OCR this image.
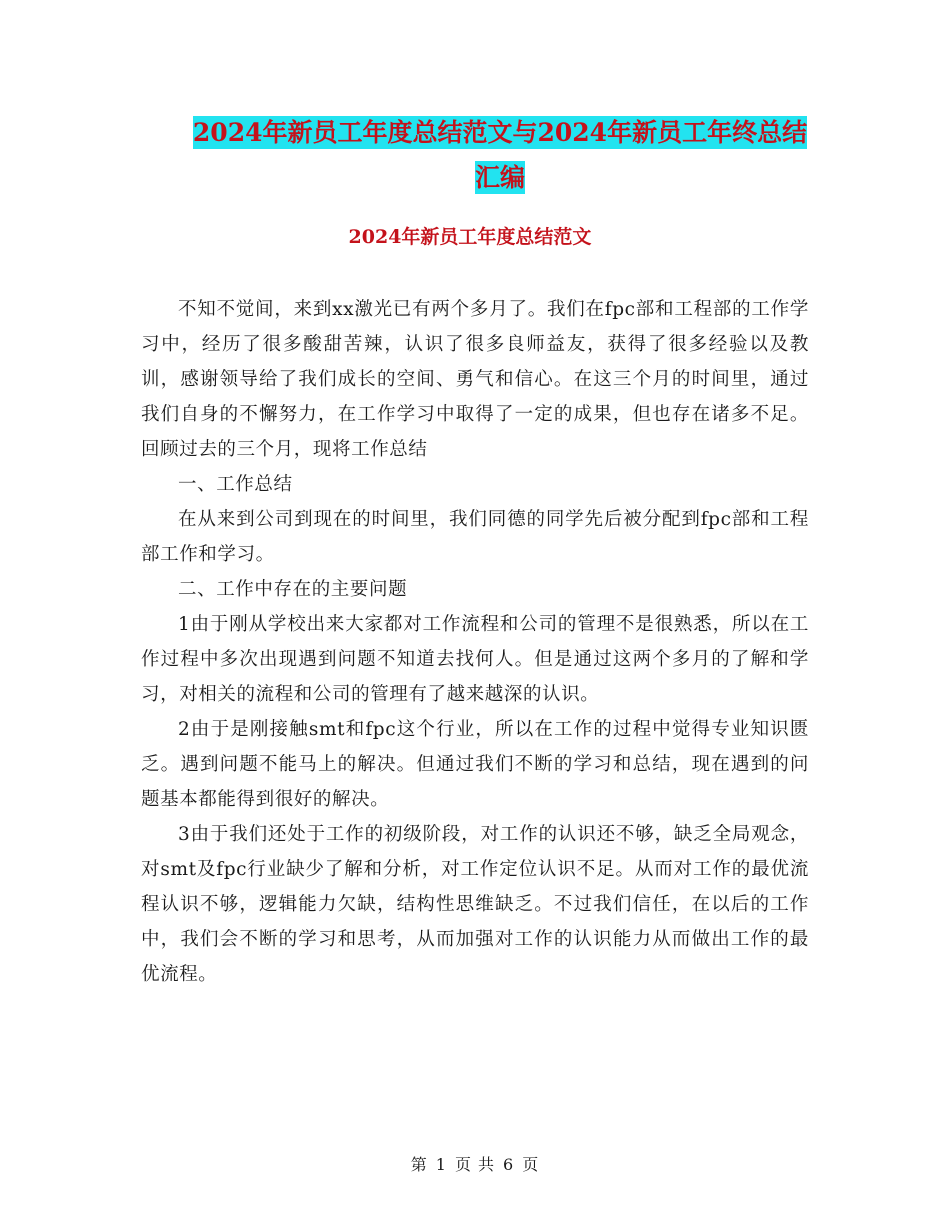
2024年新员工年度总结范文与2024年新员工年终总结
汇编
2024年新员工年度总结范文

不知不觉间，来到xx激光已有两个多月了。我们在fpc部和工程部的工作学习中，经历了很多酸甜苦辣，认识了很多良师益友，获得了很多经验以及教训，感谢领导给了我们成长的空间、勇气和信心。在这三个月的时间里，通过我们自身的不懈努力，在工作学习中取得了一定的成果，但也存在诸多不足。回顾过去的三个月，现将工作总结

一、工作总结

在从来到公司到现在的时间里，我们同德的同学先后被分配到fpc部和工程部工作和学习。

二、工作中存在的主要问题

1由于刚从学校出来大家都对工作流程和公司的管理不是很熟悉，所以在工作过程中多次出现遇到问题不知道去找何人。但是通过这两个多月的了解和学习，对相关的流程和公司的管理有了越来越深的认识。

2由于是刚接触smt和fpc这个行业，所以在工作的过程中觉得专业知识匮乏。遇到问题不能马上的解决。但通过我们不断的学习和总结，现在遇到的问题基本都能得到很好的解决。

3由于我们还处于工作的初级阶段，对工作的认识还不够，缺乏全局观念，对smt及fpc行业缺少了解和分析，对工作定位认识不足。从而对工作的最优流程认识不够，逻辑能力欠缺，结构性思维缺乏。不过我们信任，在以后的工作中，我们会不断的学习和思考，从而加强对工作的认识能力从而做出工作的最优流程。

第 1 页 共 6 页
